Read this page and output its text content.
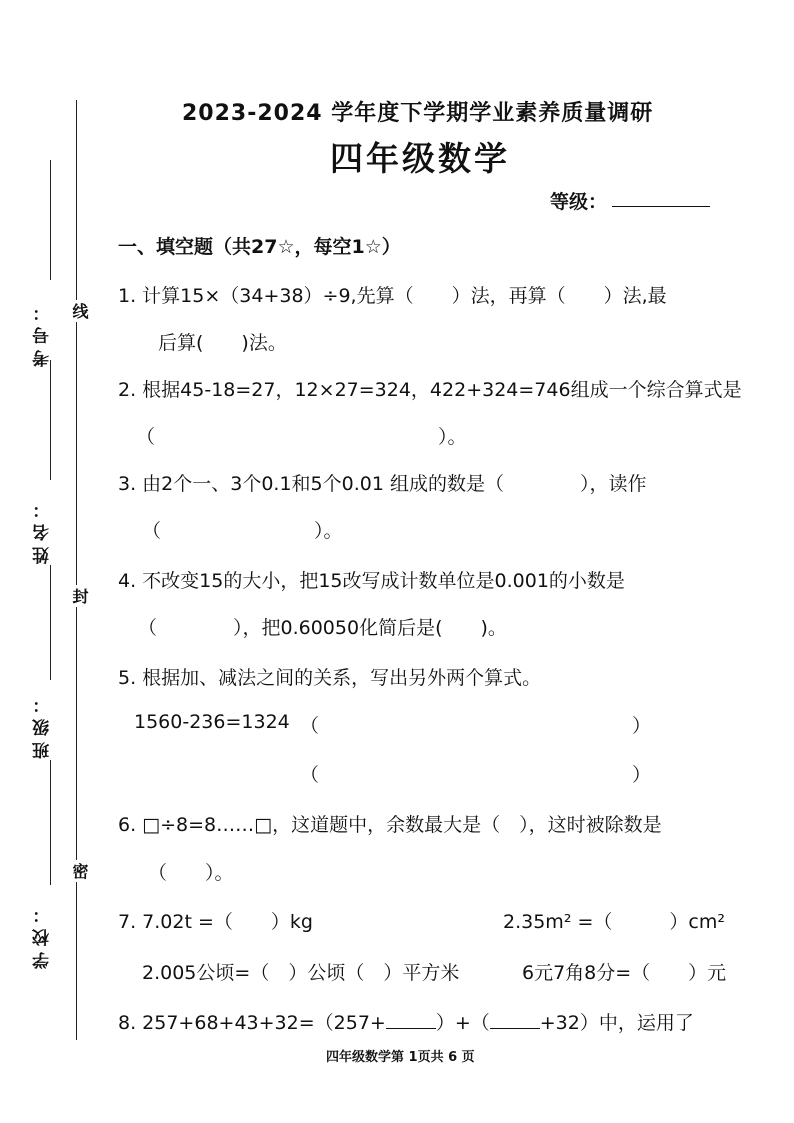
线
封
密
考号：
姓名：
班级：
学校：
2023-2024 学年度下学期学业素养质量调研
四年级数学
等级：
一、填空题（共27☆，每空1☆）
1. 计算15×（34+38）÷9,先算（　　）法，再算（　　）法,最
后算(　　)法。
2. 根据45-18=27，12×27=324，422+324=746组成一个综合算式是
（	）。
3. 由2个一、3个0.1和5个0.01 组成的数是（　　　　），读作
（	）。
4. 不改变15的大小，把15改写成计数单位是0.001的小数是
（　　　　），把0.60050化简后是(　　)。
5. 根据加、减法之间的关系，写出另外两个算式。
1560-236=1324 （	）
（	）
6. □÷8=8……□，这道题中，余数最大是（　），这时被除数是
（　　）。
7. 7.02t =（　　）kg	2.35m² =（　　　）cm²
2.005公顷=（　）公顷（　）平方米	6元7角8分=（　　）元
8. 257+68+43+32=（257+	）+（	+32）中，运用了
四年级数学第 1页共 6 页
